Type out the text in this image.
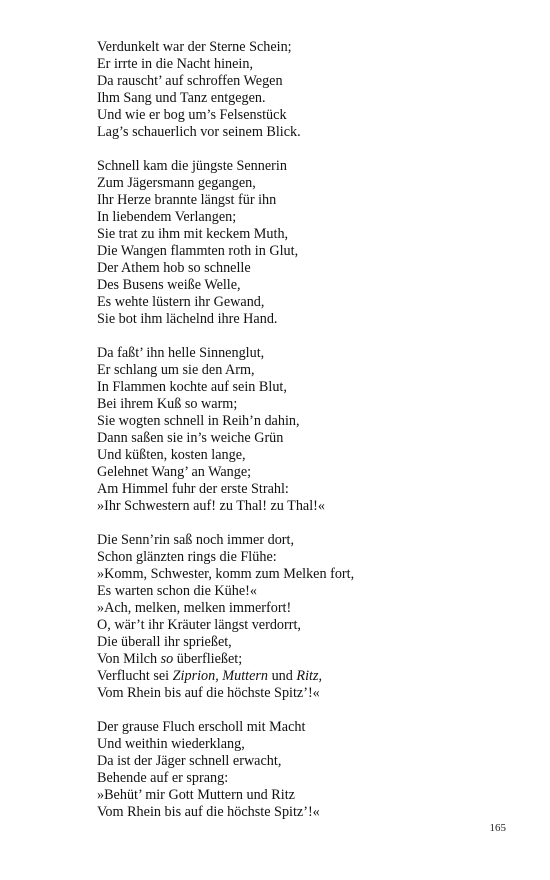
Verdunkelt war der Sterne Schein;
Er irrte in die Nacht hinein,
Da rauscht’ auf schroffen Wegen
Ihm Sang und Tanz entgegen.
Und wie er bog um’s Felsenstück
Lag’s schauerlich vor seinem Blick.
Schnell kam die jüngste Sennerin
Zum Jägersmann gegangen,
Ihr Herze brannte längst für ihn
In liebendem Verlangen;
Sie trat zu ihm mit keckem Muth,
Die Wangen flammten roth in Glut,
Der Athem hob so schnelle
Des Busens weiße Welle,
Es wehte lüstern ihr Gewand,
Sie bot ihm lächelnd ihre Hand.
Da faßt’ ihn helle Sinnenglut,
Er schlang um sie den Arm,
In Flammen kochte auf sein Blut,
Bei ihrem Kuß so warm;
Sie wogten schnell in Reih’n dahin,
Dann saßen sie in’s weiche Grün
Und küßten, kosten lange,
Gelehnet Wang’ an Wange;
Am Himmel fuhr der erste Strahl:
»Ihr Schwestern auf! zu Thal! zu Thal!«
Die Senn’rin saß noch immer dort,
Schon glänzten rings die Flühe:
»Komm, Schwester, komm zum Melken fort,
Es warten schon die Kühe!«
»Ach, melken, melken immerfort!
O, wär’t ihr Kräuter längst verdorrt,
Die überall ihr sprießet,
Von Milch so überfließet;
Verflucht sei Ziprion, Muttern und Ritz,
Vom Rhein bis auf die höchste Spitz’!«
Der grause Fluch erscholl mit Macht
Und weithin wiederklang,
Da ist der Jäger schnell erwacht,
Behende auf er sprang:
»Behüt’ mir Gott Muttern und Ritz
Vom Rhein bis auf die höchste Spitz’!«
165
